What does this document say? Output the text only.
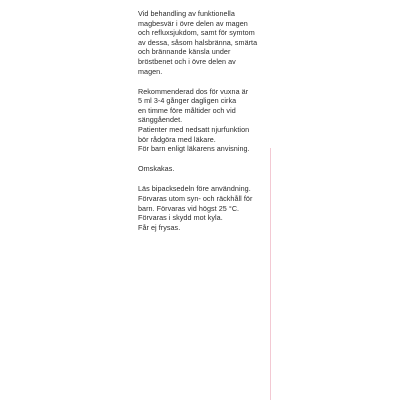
Vid behandling av funktionella
magbesvär i övre delen av magen
och refluxsjukdom, samt för symtom
av dessa, såsom halsbränna, smärta
och brännande känsla under
bröstbenet och i övre delen av
magen.

Rekommenderad dos för vuxna är
5 ml 3-4 gånger dagligen cirka
en timme före måltider och vid
sänggåendet.
Patienter med nedsatt njurfunktion
bör rådgöra med läkare.
För barn enligt läkarens anvisning.

Omskakas.

Läs bipacksedeln före användning.
Förvaras utom syn- och räckhåll för
barn. Förvaras vid högst 25 °C.
Förvaras i skydd mot kyla.
Får ej frysas.
